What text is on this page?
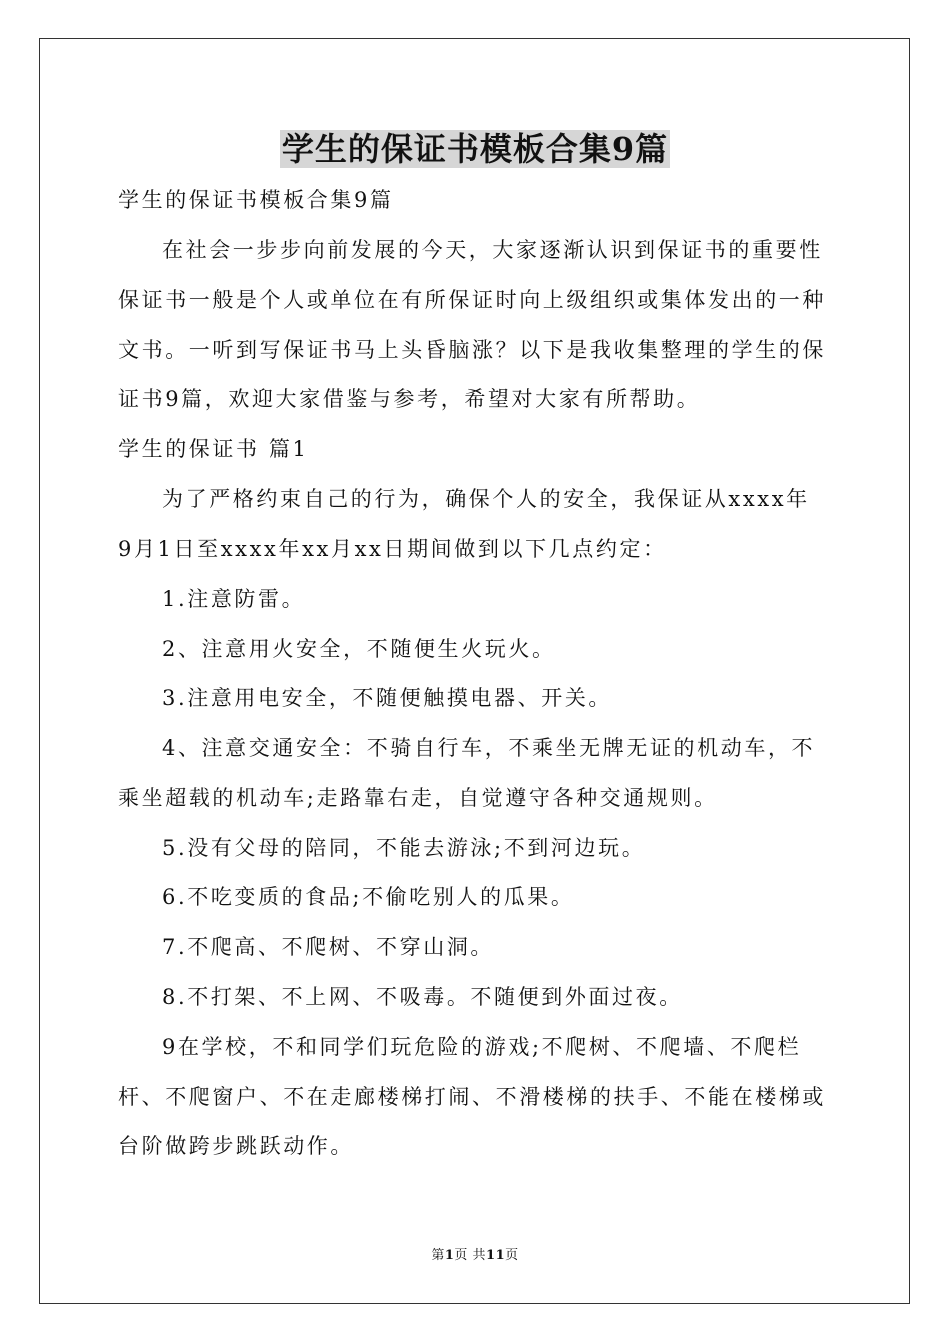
学生的保证书模板合集9篇
学生的保证书模板合集9篇
在社会一步步向前发展的今天，大家逐渐认识到保证书的重要性
保证书一般是个人或单位在有所保证时向上级组织或集体发出的一种
文书。一听到写保证书马上头昏脑涨？以下是我收集整理的学生的保
证书9篇，欢迎大家借鉴与参考，希望对大家有所帮助。
学生的保证书 篇1
为了严格约束自己的行为，确保个人的安全，我保证从xxxx年
9月1日至xxxx年xx月xx日期间做到以下几点约定：
1.注意防雷。
2、注意用火安全，不随便生火玩火。
3.注意用电安全，不随便触摸电器、开关。
4、注意交通安全：不骑自行车，不乘坐无牌无证的机动车，不
乘坐超载的机动车;走路靠右走，自觉遵守各种交通规则。
5.没有父母的陪同，不能去游泳;不到河边玩。
6.不吃变质的食品;不偷吃别人的瓜果。
7.不爬高、不爬树、不穿山洞。
8.不打架、不上网、不吸毒。不随便到外面过夜。
9在学校，不和同学们玩危险的游戏;不爬树、不爬墙、不爬栏
杆、不爬窗户、不在走廊楼梯打闹、不滑楼梯的扶手、不能在楼梯或
台阶做跨步跳跃动作。
第1页 共11页
